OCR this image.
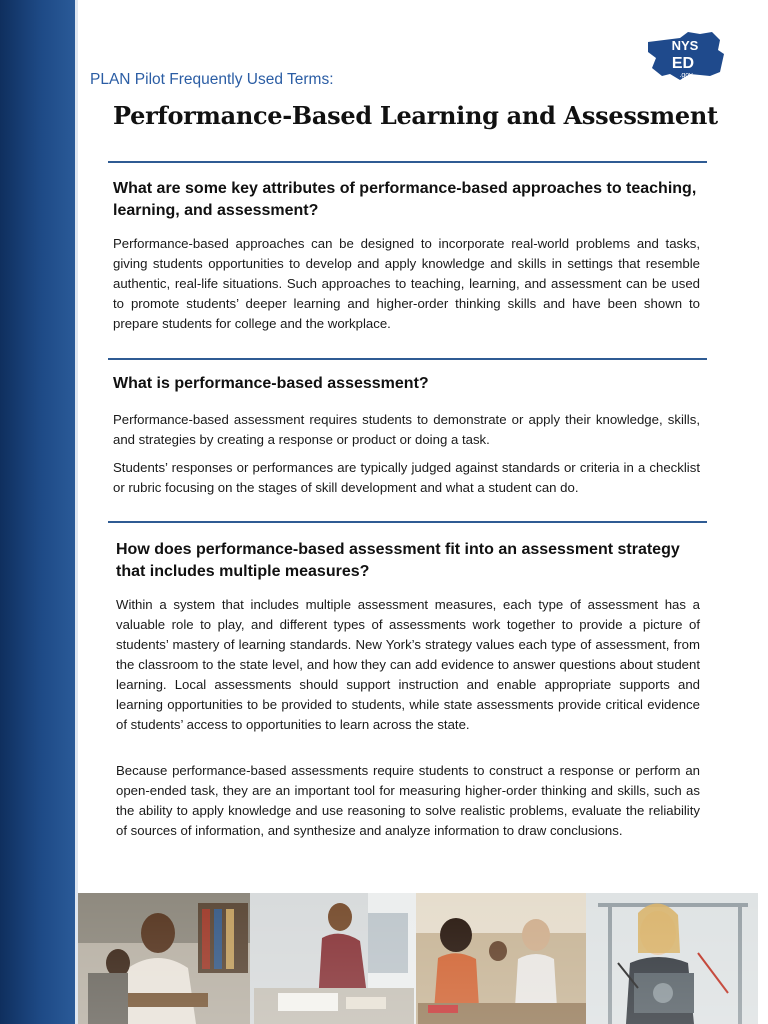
PLAN Pilot Frequently Used Terms:
NYS
ED
.gov
Performance-Based Learning and Assessment
What are some key attributes of performance-based approaches to teaching, learning, and assessment?

Performance-based approaches can be designed to incorporate real-world problems and tasks, giving students opportunities to develop and apply knowledge and skills in settings that resemble authentic, real-life situations. Such approaches to teaching, learning, and assessment can be used to promote students’ deeper learning and higher-order thinking skills and have been shown to prepare students for college and the workplace.

What is performance-based assessment?

Performance-based assessment requires students to demonstrate or apply their knowledge, skills, and strategies by creating a response or product or doing a task.

Students’ responses or performances are typically judged against standards or criteria in a checklist or rubric focusing on the stages of skill development and what a student can do.

How does performance-based assessment fit into an assessment strategy that includes multiple measures?

Within a system that includes multiple assessment measures, each type of assessment has a valuable role to play, and different types of assessments work together to provide a picture of students’ mastery of learning standards. New York’s strategy values each type of assessment, from the classroom to the state level, and how they can add evidence to answer questions about student learning. Local assessments should support instruction and enable appropriate supports and learning opportunities to be provided to students, while state assessments provide critical evidence of students’ access to opportunities to learn across the state.

Because performance-based assessments require students to construct a response or perform an open-ended task, they are an important tool for measuring higher-order thinking and skills, such as the ability to apply knowledge and use reasoning to solve realistic problems, evaluate the reliability of sources of information, and synthesize and analyze information to draw conclusions.
